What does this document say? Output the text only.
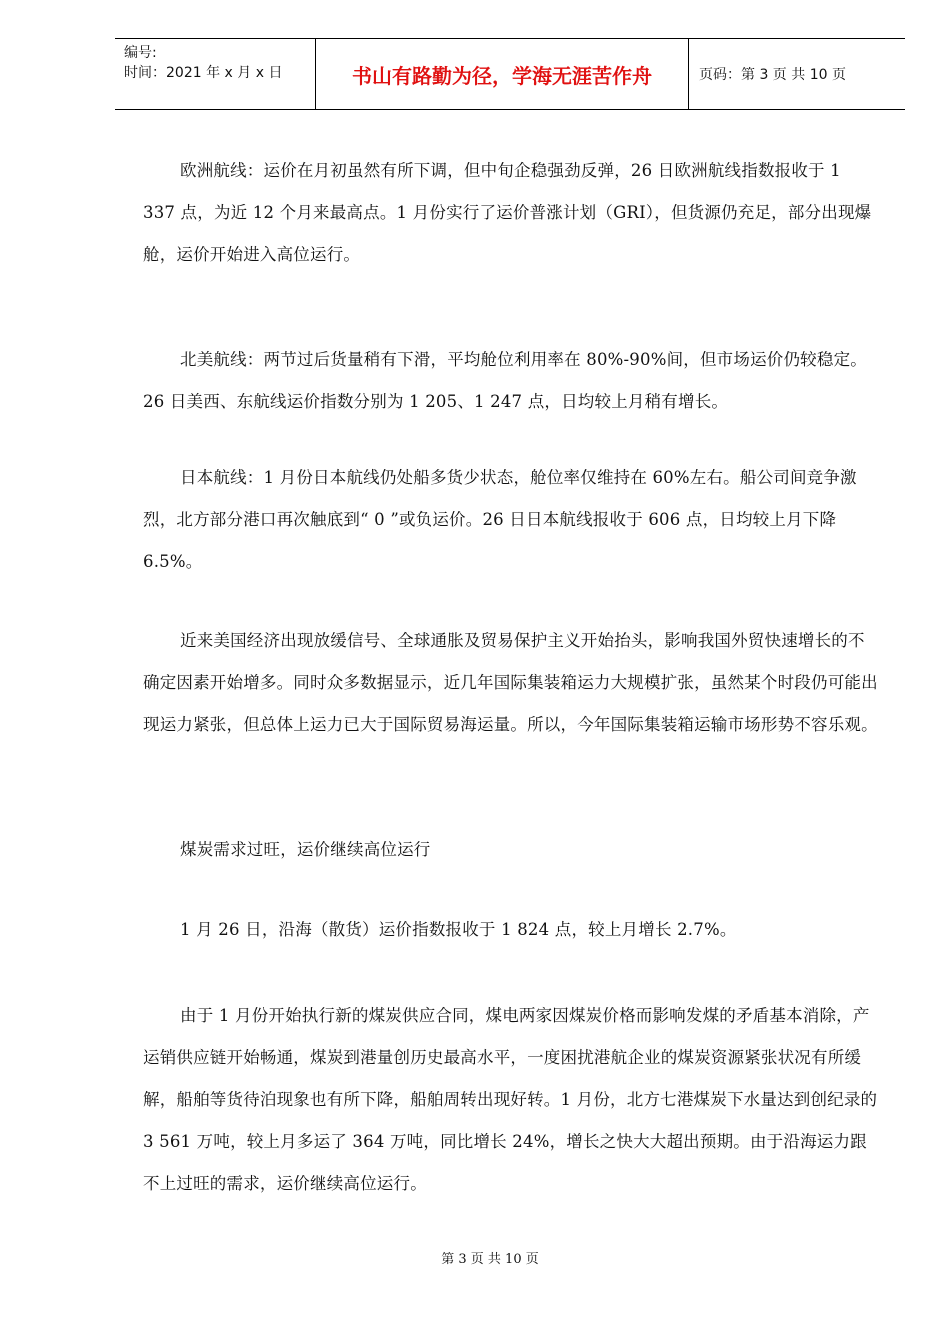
编号:
时间：2021 年 x 月 x 日	书山有路勤为径，学海无涯苦作舟	页码：第 3 页 共 10 页

欧洲航线：运价在月初虽然有所下调，但中旬企稳强劲反弹，26 日欧洲航线指数报收于 1 337 点，为近 12 个月来最高点。1 月份实行了运价普涨计划（GRI），但货源仍充足，部分出现爆舱，运价开始进入高位运行。

北美航线：两节过后货量稍有下滑，平均舱位利用率在 80%-90%间，但市场运价仍较稳定。26 日美西、东航线运价指数分别为 1 205、1 247 点，日均较上月稍有增长。

日本航线：1 月份日本航线仍处船多货少状态，舱位率仅维持在 60%左右。船公司间竞争激烈，北方部分港口再次触底到“ 0 ”或负运价。26 日日本航线报收于 606 点，日均较上月下降 6.5%。

近来美国经济出现放缓信号、全球通胀及贸易保护主义开始抬头，影响我国外贸快速增长的不确定因素开始增多。同时众多数据显示，近几年国际集装箱运力大规模扩张，虽然某个时段仍可能出现运力紧张，但总体上运力已大于国际贸易海运量。所以，今年国际集装箱运输市场形势不容乐观。

煤炭需求过旺，运价继续高位运行

1 月 26 日，沿海（散货）运价指数报收于 1 824 点，较上月增长 2.7%。

由于 1 月份开始执行新的煤炭供应合同，煤电两家因煤炭价格而影响发煤的矛盾基本消除，产运销供应链开始畅通，煤炭到港量创历史最高水平，一度困扰港航企业的煤炭资源紧张状况有所缓解，船舶等货待泊现象也有所下降，船舶周转出现好转。1 月份，北方七港煤炭下水量达到创纪录的 3 561 万吨，较上月多运了 364 万吨，同比增长 24%，增长之快大大超出预期。由于沿海运力跟不上过旺的需求，运价继续高位运行。

第 3 页 共 10 页
